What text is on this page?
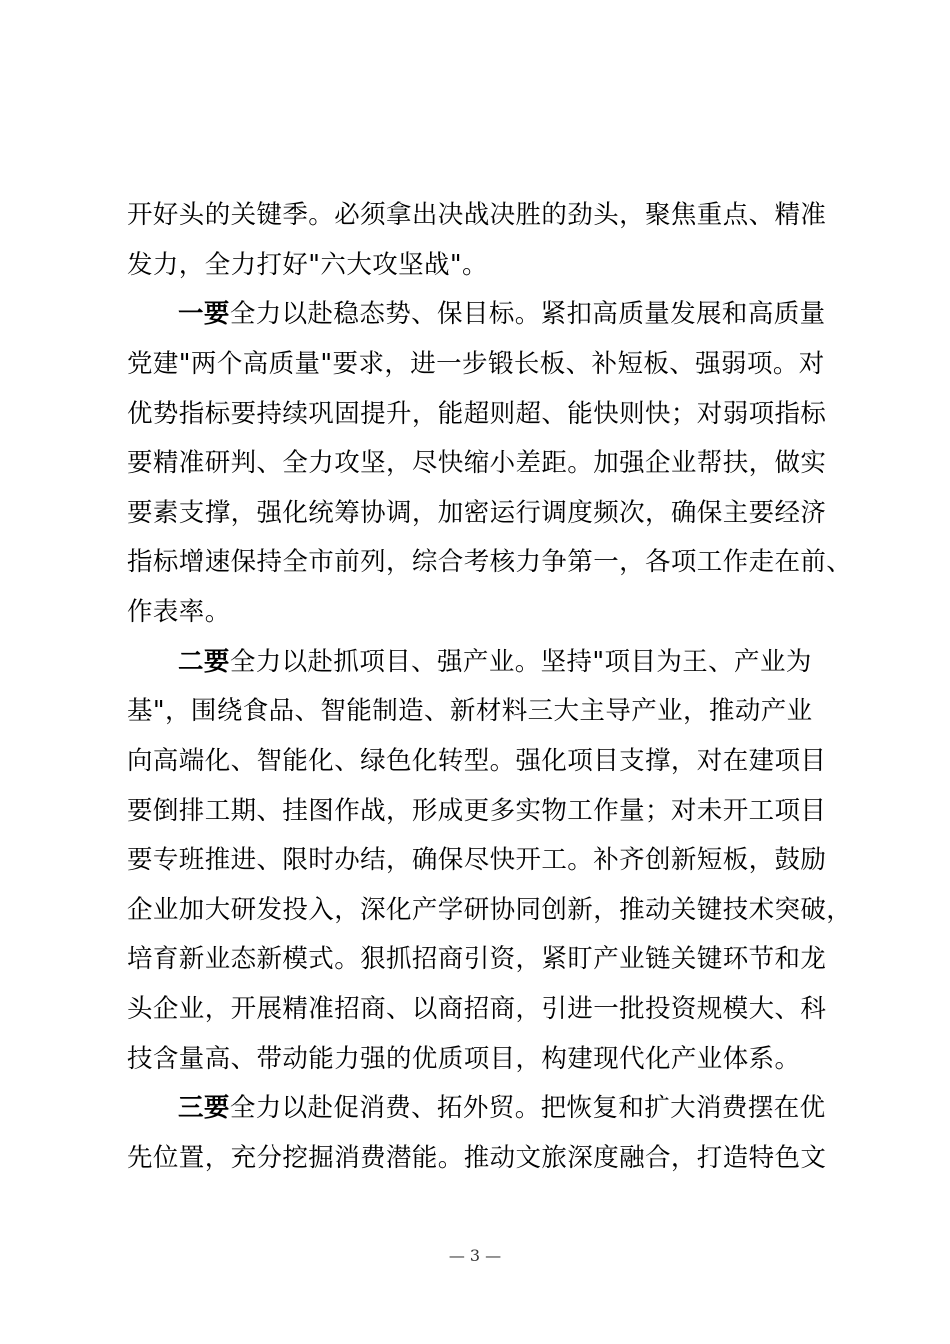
开好头的关键季。必须拿出决战决胜的劲头，聚焦重点、精准
发力，全力打好"六大攻坚战"。
一要全力以赴稳态势、保目标。紧扣高质量发展和高质量
党建"两个高质量"要求，进一步锻长板、补短板、强弱项。对
优势指标要持续巩固提升，能超则超、能快则快；对弱项指标
要精准研判、全力攻坚，尽快缩小差距。加强企业帮扶，做实
要素支撑，强化统筹协调，加密运行调度频次，确保主要经济
指标增速保持全市前列，综合考核力争第一，各项工作走在前、
作表率。
二要全力以赴抓项目、强产业。坚持"项目为王、产业为
基"，围绕食品、智能制造、新材料三大主导产业，推动产业
向高端化、智能化、绿色化转型。强化项目支撑，对在建项目
要倒排工期、挂图作战，形成更多实物工作量；对未开工项目
要专班推进、限时办结，确保尽快开工。补齐创新短板，鼓励
企业加大研发投入，深化产学研协同创新，推动关键技术突破，
培育新业态新模式。狠抓招商引资，紧盯产业链关键环节和龙
头企业，开展精准招商、以商招商，引进一批投资规模大、科
技含量高、带动能力强的优质项目，构建现代化产业体系。
三要全力以赴促消费、拓外贸。把恢复和扩大消费摆在优
先位置，充分挖掘消费潜能。推动文旅深度融合，打造特色文
— 3 —
